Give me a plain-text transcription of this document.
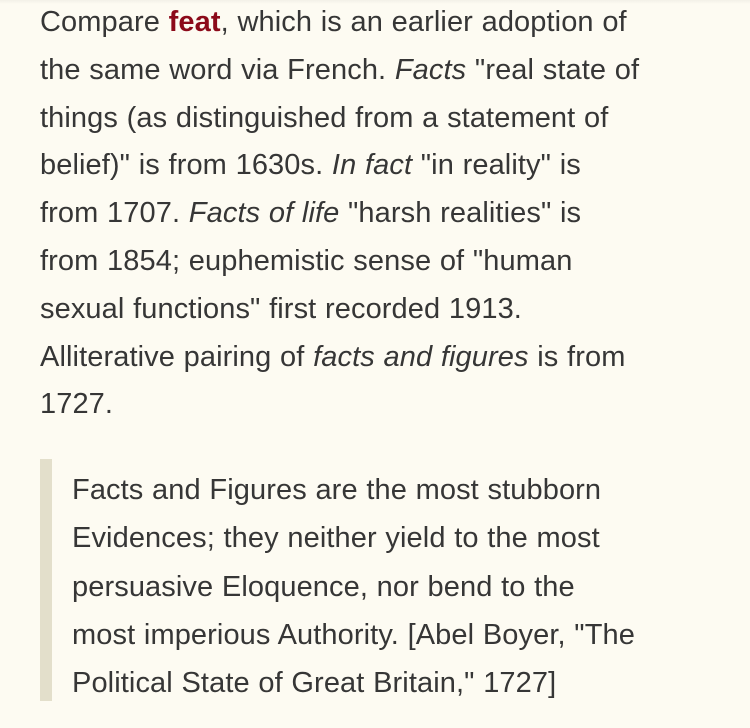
Compare feat, which is an earlier adoption of
the same word via French. Facts "real state of
things (as distinguished from a statement of
belief)" is from 1630s. In fact "in reality" is
from 1707. Facts of life "harsh realities" is
from 1854; euphemistic sense of "human
sexual functions" first recorded 1913.
Alliterative pairing of facts and figures is from
1727.

Facts and Figures are the most stubborn
Evidences; they neither yield to the most
persuasive Eloquence, nor bend to the
most imperious Authority. [Abel Boyer, "The
Political State of Great Britain," 1727]
